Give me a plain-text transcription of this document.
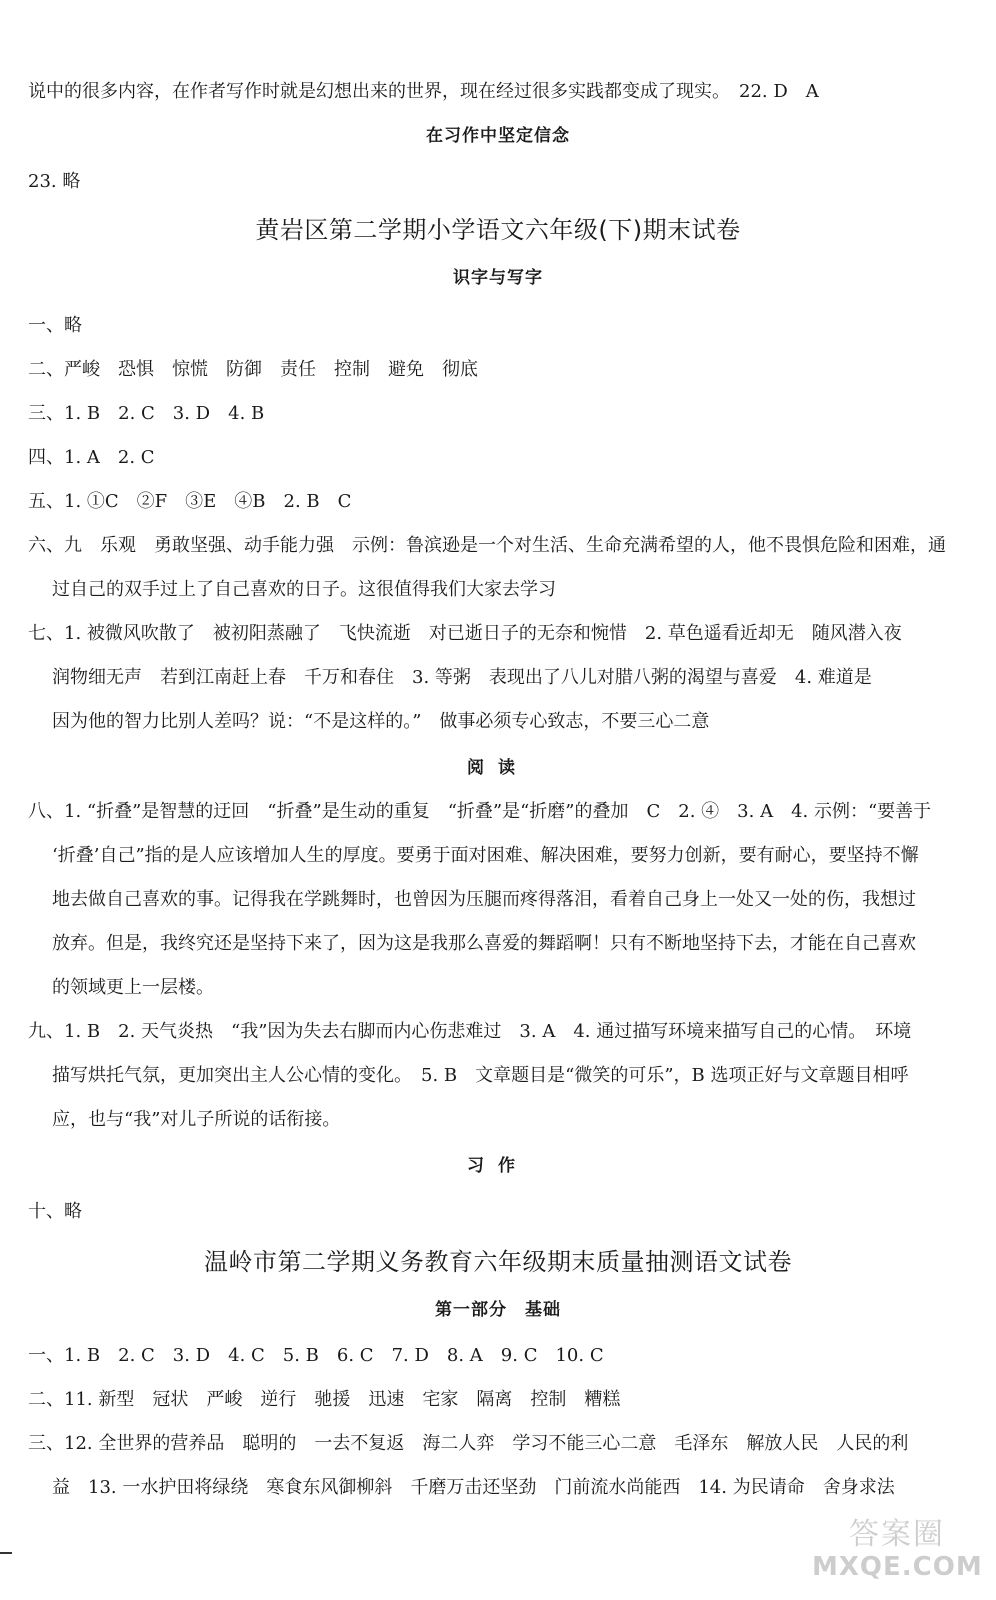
说中的很多内容，在作者写作时就是幻想出来的世界，现在经过很多实践都变成了现实。　22. D　A
在习作中坚定信念
23. 略
黄岩区第二学期小学语文六年级(下)期末试卷
识字与写字
一、略
二、严峻　恐惧　惊慌　防御　责任　控制　避免　彻底
三、1. B　2. C　3. D　4. B
四、1. A　2. C
五、1. ①C　②F　③E　④B　2. B　C
六、九　乐观　勇敢坚强、动手能力强　示例：鲁滨逊是一个对生活、生命充满希望的人，他不畏惧危险和困难，通
过自己的双手过上了自己喜欢的日子。这很值得我们大家去学习
七、1. 被微风吹散了　被初阳蒸融了　飞快流逝　对已逝日子的无奈和惋惜　2. 草色遥看近却无　随风潜入夜
润物细无声　若到江南赶上春　千万和春住　3. 等粥　表现出了八儿对腊八粥的渴望与喜爱　4. 难道是
因为他的智力比别人差吗？说：“不是这样的。”　做事必须专心致志，不要三心二意
阅读
八、1. “折叠”是智慧的迂回　“折叠”是生动的重复　“折叠”是“折磨”的叠加　C　2. ④　3. A　4. 示例：“要善于
‘折叠’自己”指的是人应该增加人生的厚度。要勇于面对困难、解决困难，要努力创新，要有耐心，要坚持不懈
地去做自己喜欢的事。记得我在学跳舞时，也曾因为压腿而疼得落泪，看着自己身上一处又一处的伤，我想过
放弃。但是，我终究还是坚持下来了，因为这是我那么喜爱的舞蹈啊！只有不断地坚持下去，才能在自己喜欢
的领域更上一层楼。
九、1. B　2. 天气炎热　“我”因为失去右脚而内心伤悲难过　3. A　4. 通过描写环境来描写自己的心情。　环境
描写烘托气氛，更加突出主人公心情的变化。　5. B　文章题目是“微笑的可乐”，B 选项正好与文章题目相呼
应，也与“我”对儿子所说的话衔接。
习作
十、略
温岭市第二学期义务教育六年级期末质量抽测语文试卷
第一部分　基础
一、1. B　2. C　3. D　4. C　5. B　6. C　7. D　8. A　9. C　10. C
二、11. 新型　冠状　严峻　逆行　驰援　迅速　宅家　隔离　控制　糟糕
三、12. 全世界的营养品　聪明的　一去不复返　海二人弈　学习不能三心二意　毛泽东　解放人民　人民的利
益　13. 一水护田将绿绕　寒食东风御柳斜　千磨万击还坚劲　门前流水尚能西　14. 为民请命　舍身求法
答案圈
MXQE.COM
